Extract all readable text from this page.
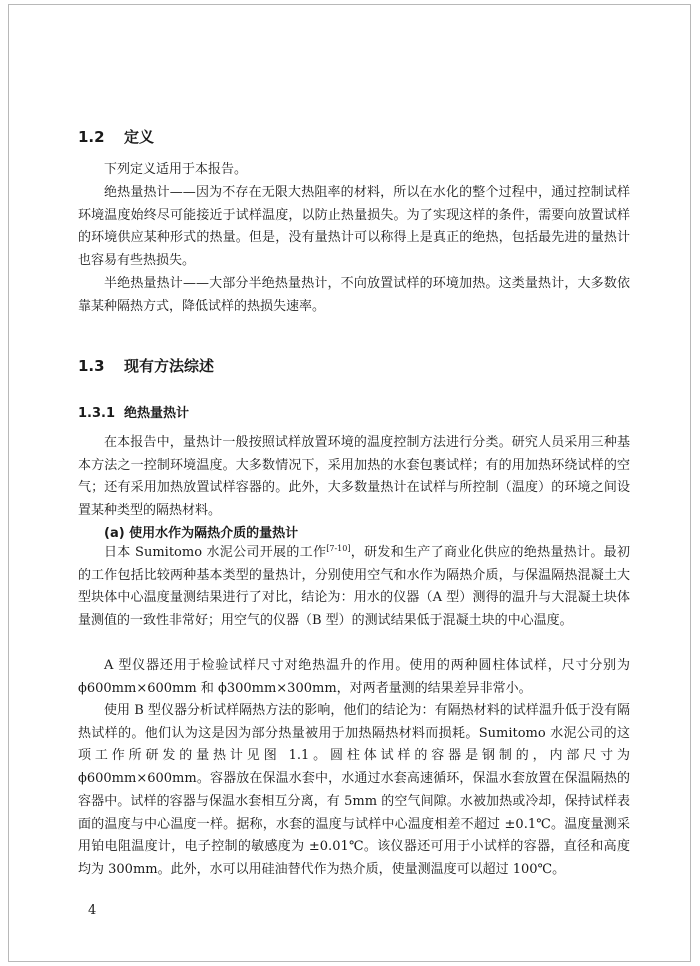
1.2 定义

下列定义适用于本报告。

绝热量热计——因为不存在无限大热阻率的材料，所以在水化的整个过程中，通过控制试样环境温度始终尽可能接近于试样温度，以防止热量损失。为了实现这样的条件，需要向放置试样的环境供应某种形式的热量。但是，没有量热计可以称得上是真正的绝热，包括最先进的量热计也容易有些热损失。

半绝热量热计——大部分半绝热量热计，不向放置试样的环境加热。这类量热计，大多数依靠某种隔热方式，降低试样的热损失速率。

1.3 现有方法综述
1.3.1 绝热量热计

在本报告中，量热计一般按照试样放置环境的温度控制方法进行分类。研究人员采用三种基本方法之一控制环境温度。大多数情况下，采用加热的水套包裹试样；有的用加热环绕试样的空气；还有采用加热放置试样容器的。此外，大多数量热计在试样与所控制（温度）的环境之间设置某种类型的隔热材料。

(a) 使用水作为隔热介质的量热计

日本 Sumitomo 水泥公司开展的工作[7-10]，研发和生产了商业化供应的绝热量热计。最初的工作包括比较两种基本类型的量热计，分别使用空气和水作为隔热介质，与保温隔热混凝土大型块体中心温度量测结果进行了对比，结论为：用水的仪器（A 型）测得的温升与大混凝土块体量测值的一致性非常好；用空气的仪器（B 型）的测试结果低于混凝土块的中心温度。

A 型仪器还用于检验试样尺寸对绝热温升的作用。使用的两种圆柱体试样，尺寸分别为 ϕ600mm×600mm 和 ϕ300mm×300mm，对两者量测的结果差异非常小。

使用 B 型仪器分析试样隔热方法的影响，他们的结论为：有隔热材料的试样温升低于没有隔热试样的。他们认为这是因为部分热量被用于加热隔热材料而损耗。Sumitomo 水泥公司的这项工作所研发的量热计见图 1.1。圆柱体试样的容器是钢制的，内部尺寸为 ϕ600mm×600mm。容器放在保温水套中，水通过水套高速循环，保温水套放置在保温隔热的容器中。试样的容器与保温水套相互分离，有 5mm 的空气间隙。水被加热或冷却，保持试样表面的温度与中心温度一样。据称，水套的温度与试样中心温度相差不超过 ±0.1℃。温度量测采用铂电阻温度计，电子控制的敏感度为 ±0.01℃。该仪器还可用于小试样的容器，直径和高度均为 300mm。此外，水可以用硅油替代作为热介质，使量测温度可以超过 100℃。

4
